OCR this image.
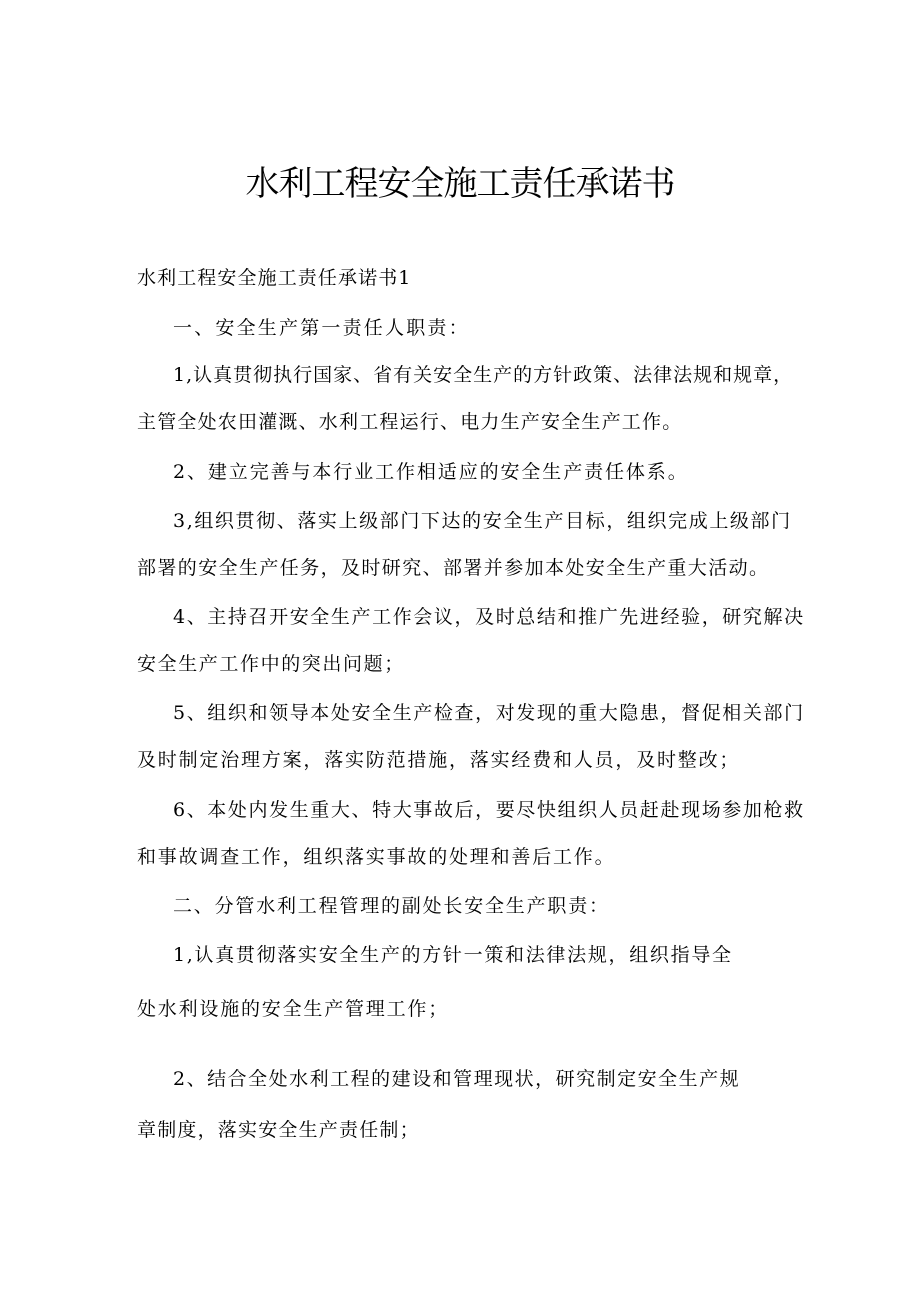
水利工程安全施工责任承诺书
水利工程安全施工责任承诺书1
一、安全生产第一责任人职责：
1,认真贯彻执行国家、省有关安全生产的方针政策、法律法规和规章，
主管全处农田灌溉、水利工程运行、电力生产安全生产工作。
2、建立完善与本行业工作相适应的安全生产责任体系。
3,组织贯彻、落实上级部门下达的安全生产目标，组织完成上级部门
部署的安全生产任务，及时研究、部署并参加本处安全生产重大活动。
4、主持召开安全生产工作会议，及时总结和推广先进经验，研究解决
安全生产工作中的突出问题；
5、组织和领导本处安全生产检查，对发现的重大隐患，督促相关部门
及时制定治理方案，落实防范措施，落实经费和人员，及时整改；
6、本处内发生重大、特大事故后，要尽快组织人员赶赴现场参加枪救
和事故调查工作，组织落实事故的处理和善后工作。
二、分管水利工程管理的副处长安全生产职责：
1,认真贯彻落实安全生产的方针一策和法律法规，组织指导全
处水利设施的安全生产管理工作；
2、结合全处水利工程的建设和管理现状，研究制定安全生产规
章制度，落实安全生产责任制；
